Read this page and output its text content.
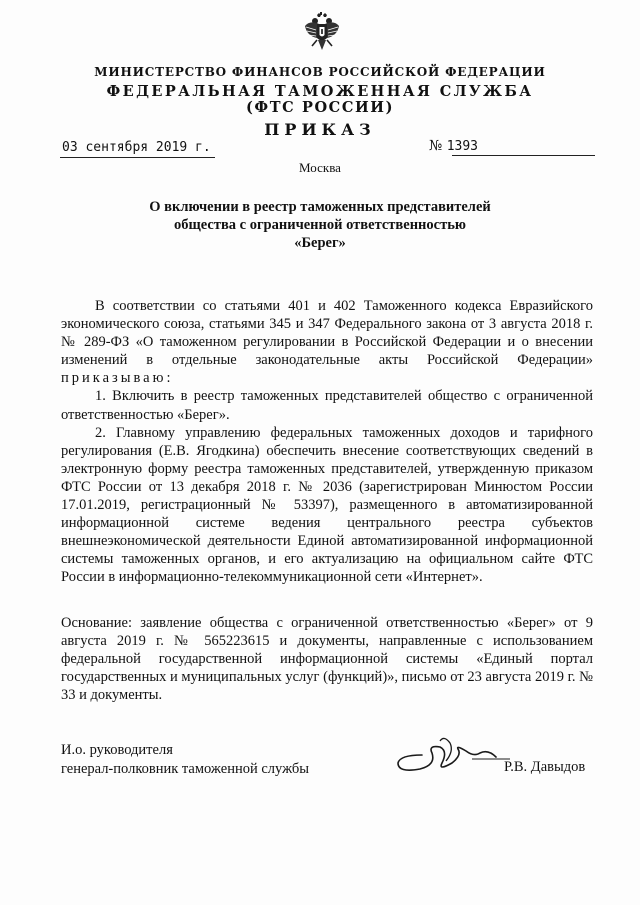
МИНИСТЕРСТВО ФИНАНСОВ РОССИЙСКОЙ ФЕДЕРАЦИИ
ФЕДЕРАЛЬНАЯ ТАМОЖЕННАЯ СЛУЖБА
(ФТС РОССИИ)
ПРИКАЗ
03 сентября 2019 г.	№ 1393
Москва
О включении в реестр таможенных представителей
общества с ограниченной ответственностью
«Берег»

В соответствии со статьями 401 и 402 Таможенного кодекса Евразийского экономического союза, статьями 345 и 347 Федерального закона от 3 августа 2018 г. № 289-ФЗ «О таможенном регулировании в Российской Федерации и о внесении изменений в отдельные законодательные акты Российской Федерации» приказываю:

1. Включить в реестр таможенных представителей общество с ограниченной ответственностью «Берег».

2. Главному управлению федеральных таможенных доходов и тарифного регулирования (Е.В. Ягодкина) обеспечить внесение соответствующих сведений в электронную форму реестра таможенных представителей, утвержденную приказом ФТС России от 13 декабря 2018 г. № 2036 (зарегистрирован Минюстом России 17.01.2019, регистрационный № 53397), размещенного в автоматизированной информационной системе ведения центрального реестра субъектов внешнеэкономической деятельности Единой автоматизированной информационной системы таможенных органов, и его актуализацию на официальном сайте ФТС России в информационно-телекоммуникационной сети «Интернет».

Основание: заявление общества с ограниченной ответственностью «Берег» от 9 августа 2019 г. № 565223615 и документы, направленные с использованием федеральной государственной информационной системы «Единый портал государственных и муниципальных услуг (функций)», письмо от 23 августа 2019 г. № 33 и документы.

И.о. руководителя
генерал-полковник таможенной службы	Р.В. Давыдов
